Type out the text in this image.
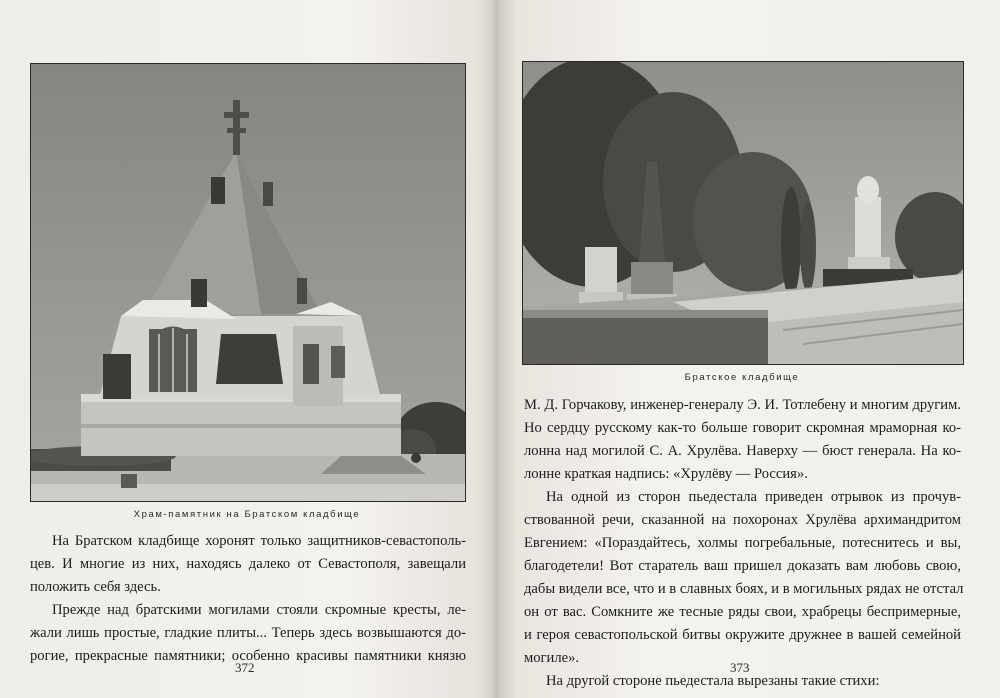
Храм-памятник на Братском кладбище
На Братском кладбище хоронят только защитников-севастополь-
цев. И многие из них, находясь далеко от Севастополя, завещали
положить себя здесь.
Прежде над братскими могилами стояли скромные кресты, ле-
жали лишь простые, гладкие плиты... Теперь здесь возвышаются до-
рогие, прекрасные памятники; особенно красивы памятники князю
372
Братское кладбище
М. Д. Горчакову, инженер-генералу Э. И. Тотлебену и многим другим.
Но сердцу русскому как-то больше говорит скромная мраморная ко-
лонна над могилой С. А. Хрулёва. Наверху — бюст генерала. На ко-
лонне краткая надпись: «Хрулёву — Россия».
На одной из сторон пьедестала приведен отрывок из прочув-
ствованной речи, сказанной на похоронах Хрулёва архимандритом
Евгением: «Пораздайтесь, холмы погребальные, потеснитесь и вы,
благодетели! Вот старатель ваш пришел доказать вам любовь свою,
дабы видели все, что и в славных боях, и в могильных рядах не отстал
он от вас. Сомкните же тесные ряды свои, храбрецы беспримерные,
и героя севастопольской битвы окружите дружнее в вашей семейной
могиле».
На другой стороне пьедестала вырезаны такие стихи:
373
